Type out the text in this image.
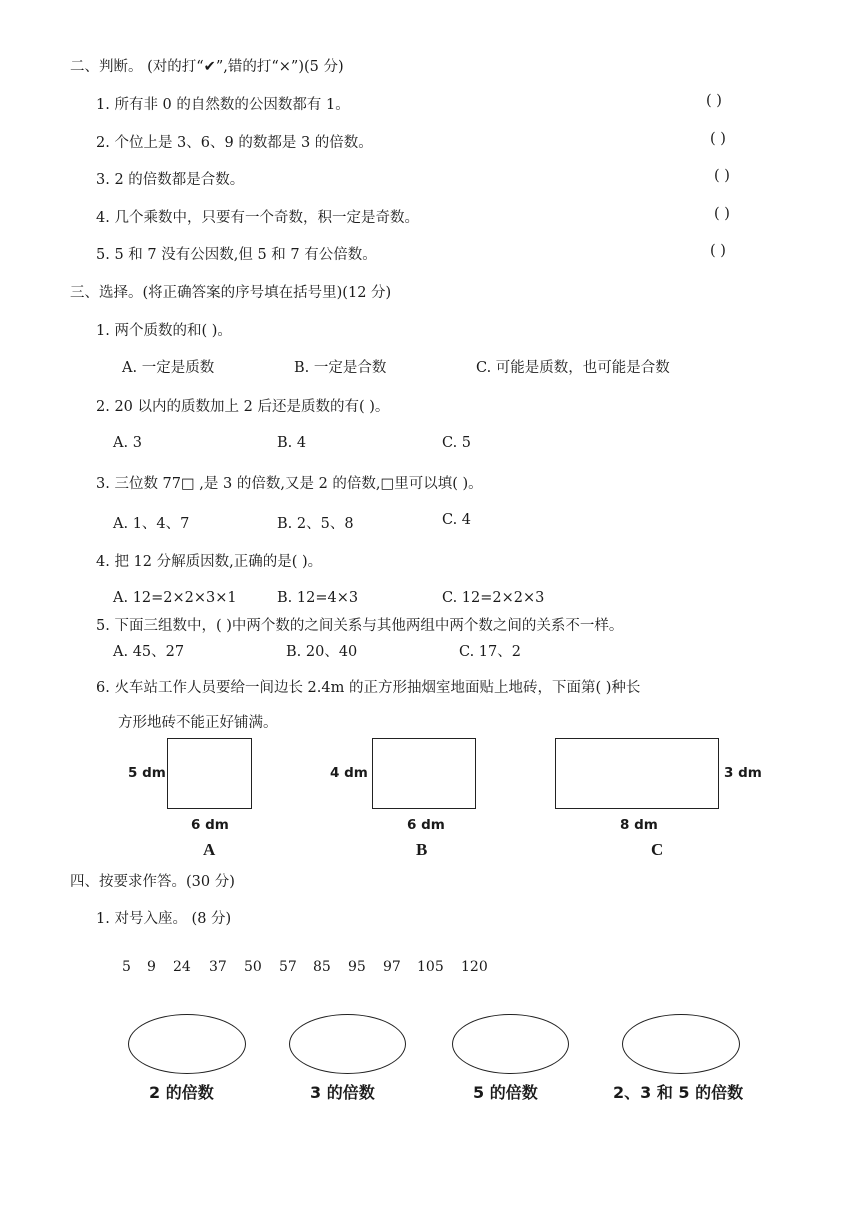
二、判断。 (对的打“✔”,错的打“×”)(5 分)
1. 所有非 0 的自然数的公因数都有 1。	( )
2. 个位上是 3、6、9 的数都是 3 的倍数。	( )
3. 2 的倍数都是合数。	( )
4. 几个乘数中，只要有一个奇数，积一定是奇数。	( )
5. 5 和 7 没有公因数,但 5 和 7 有公倍数。	( )
三、选择。(将正确答案的序号填在括号里)(12 分)
1. 两个质数的和( )。
A. 一定是质数	B. 一定是合数	C. 可能是质数，也可能是合数
2. 20 以内的质数加上 2 后还是质数的有( )。
A. 3	B. 4	C. 5
3. 三位数 77□ ,是 3 的倍数,又是 2 的倍数,□里可以填( )。
A. 1、4、7	B. 2、5、8	C. 4
4. 把 12 分解质因数,正确的是( )。
A. 12=2×2×3×1	B. 12=4×3	C. 12=2×2×3
5. 下面三组数中，( )中两个数的之间关系与其他两组中两个数之间的关系不一样。
A. 45、27	B. 20、40	C. 17、2
6. 火车站工作人员要给一间边长 2.4m 的正方形抽烟室地面贴上地砖，下面第( )种长
方形地砖不能正好铺满。
5 dm
6 dm
A
4 dm
6 dm
B
3 dm
8 dm
C
四、按要求作答。(30 分)
1. 对号入座。 (8 分)
5 9 24 37 50 57 85 95 97 105 120
2 的倍数	3 的倍数	5 的倍数	2、3 和 5 的倍数
